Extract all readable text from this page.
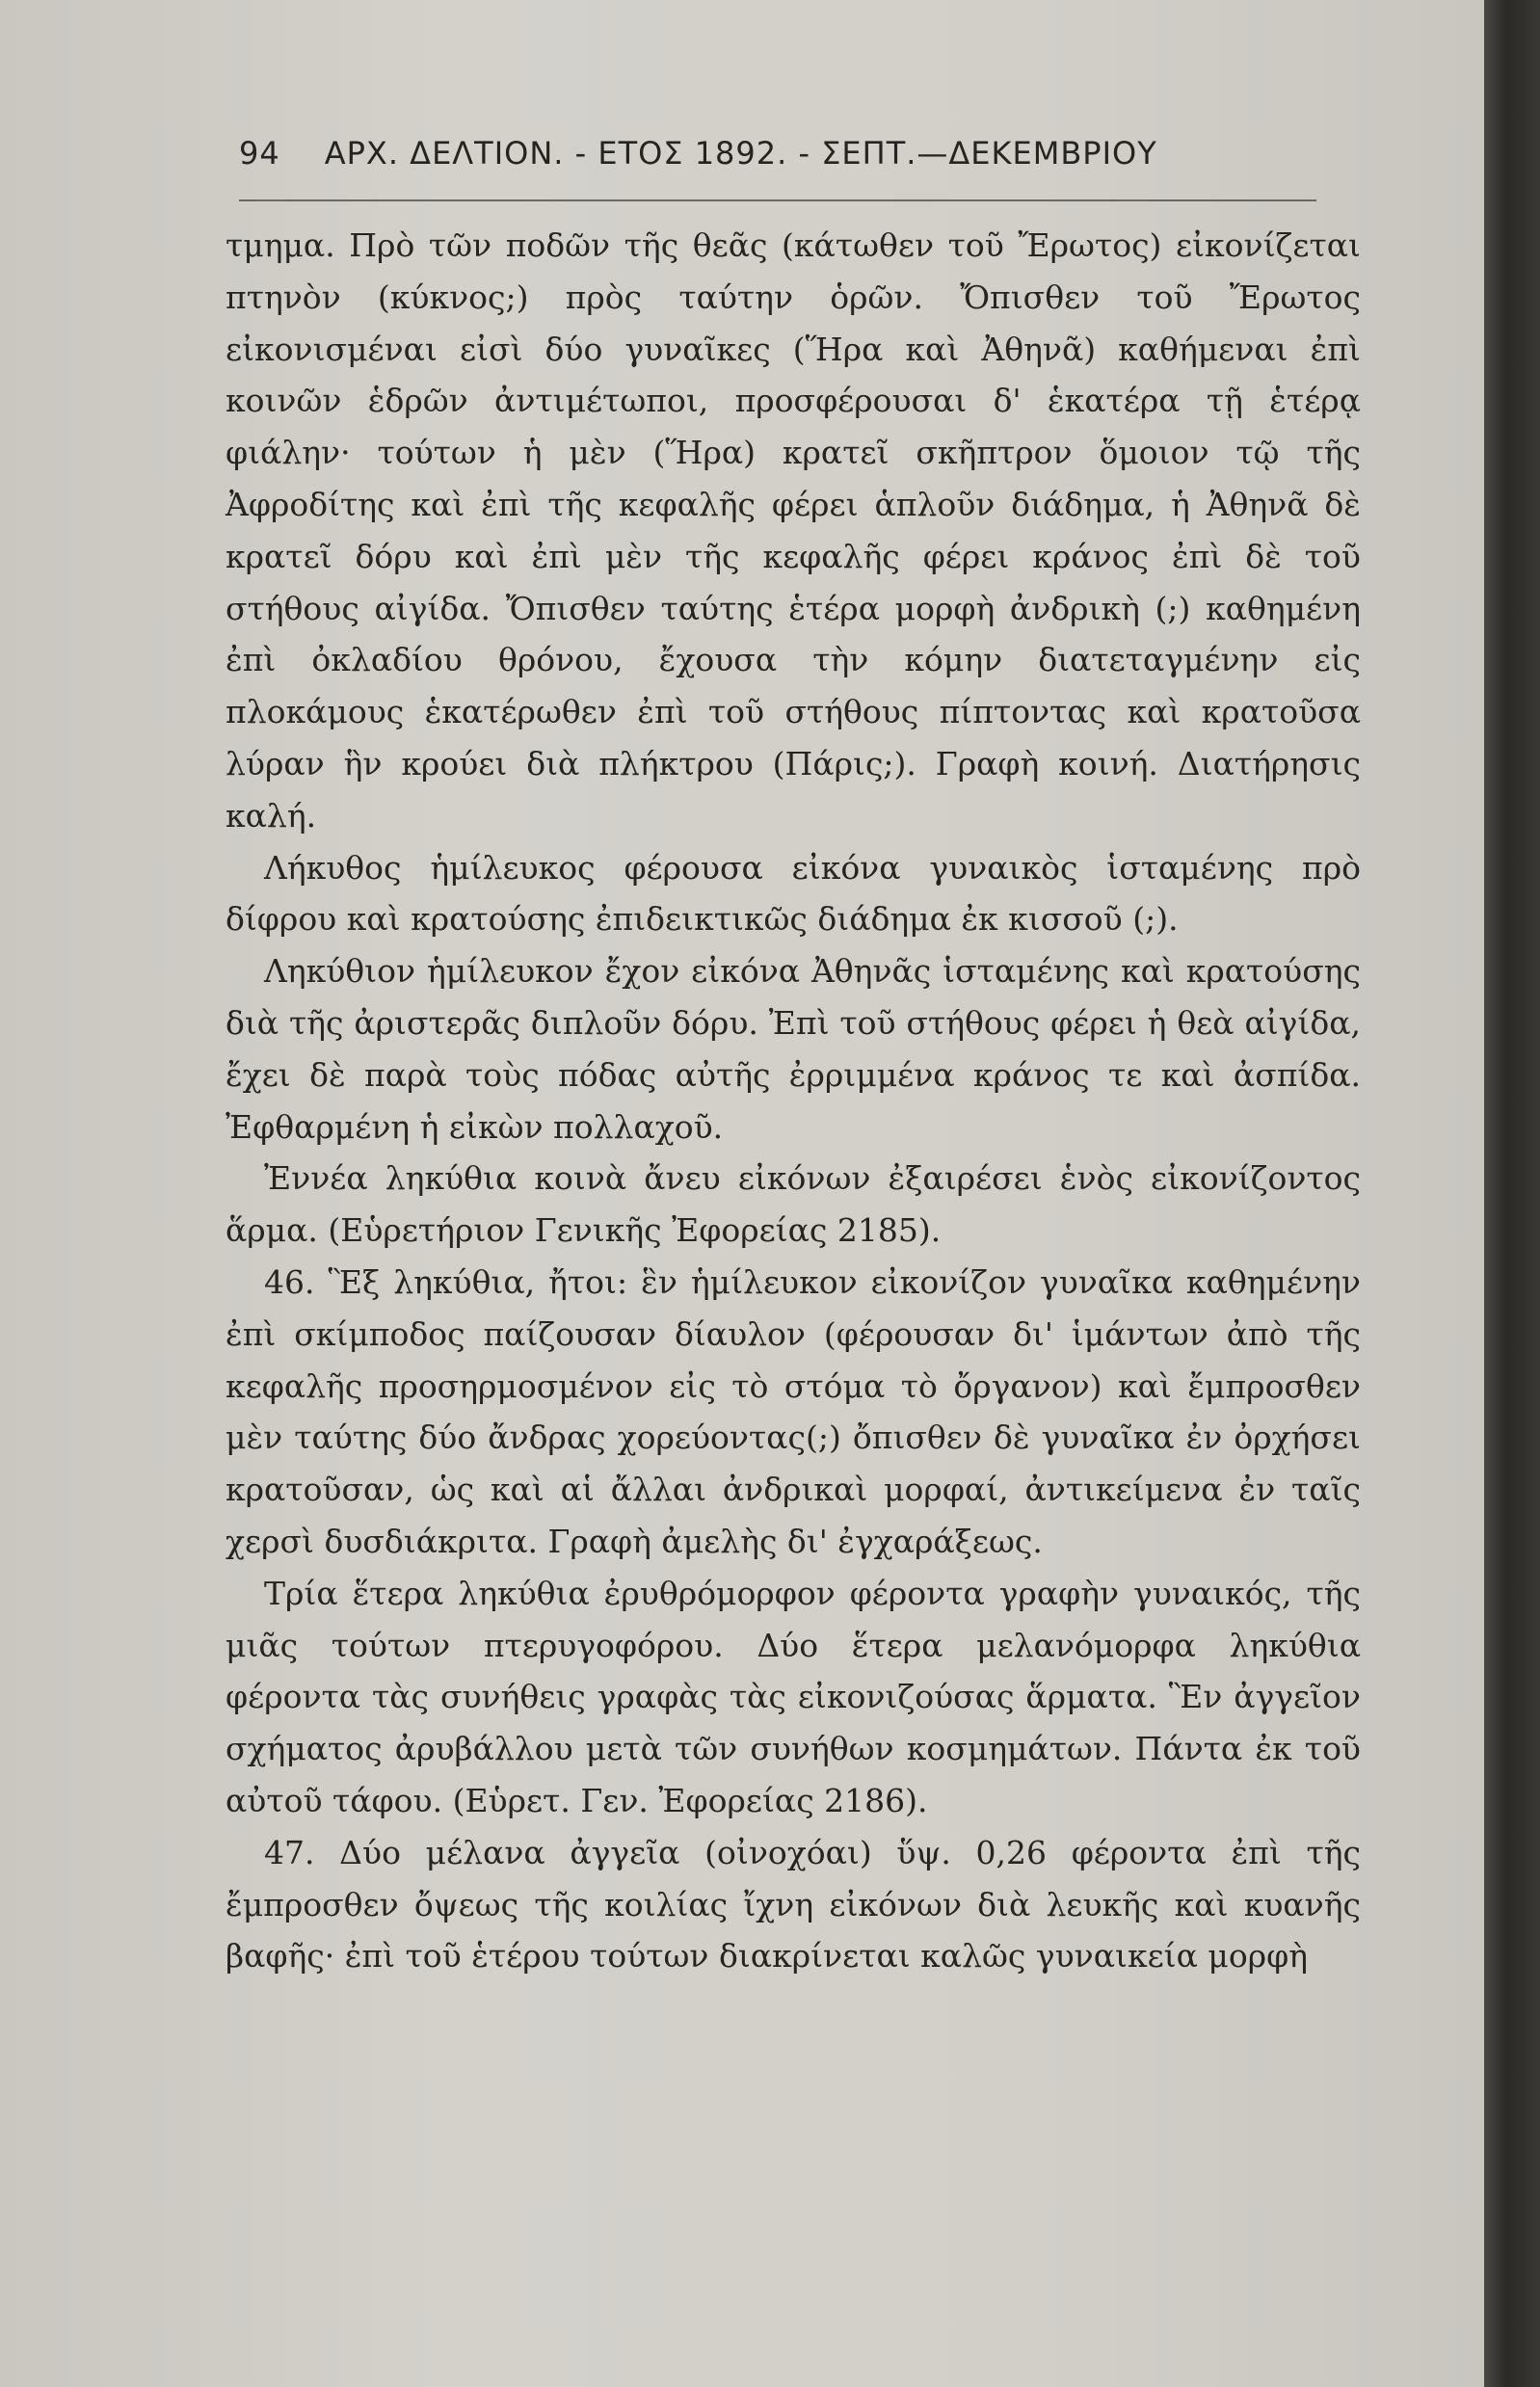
94 ΑΡΧ. ΔΕΛΤΙΟΝ. - ΕΤΟΣ 1892. - ΣΕΠΤ.—ΔΕΚΕΜΒΡΙΟΥ

τμημα. Πρὸ τῶν ποδῶν τῆς θεᾶς (κάτωθεν τοῦ Ἔρωτος) εἰκονίζεται πτηνὸν (κύκνος;) πρὸς ταύτην ὁρῶν. Ὄπισθεν τοῦ Ἔρωτος εἰκονισμέναι εἰσὶ δύο γυναῖκες (Ἥρα καὶ Ἀθηνᾶ) καθήμεναι ἐπὶ κοινῶν ἑδρῶν ἀντιμέτωποι, προσφέρουσαι δ' ἑκατέρα τῇ ἑτέρᾳ φιάλην· τούτων ἡ μὲν (Ἥρα) κρατεῖ σκῆπτρον ὅμοιον τῷ τῆς Ἀφροδίτης καὶ ἐπὶ τῆς κεφαλῆς φέρει ἁπλοῦν διάδημα, ἡ Ἀθηνᾶ δὲ κρατεῖ δόρυ καὶ ἐπὶ μὲν τῆς κεφαλῆς φέρει κράνος ἐπὶ δὲ τοῦ στήθους αἰγίδα. Ὄπισθεν ταύτης ἑτέρα μορφὴ ἀνδρικὴ (;) καθημένη ἐπὶ ὀκλαδίου θρόνου, ἔχουσα τὴν κόμην διατεταγμένην εἰς πλοκάμους ἑκατέρωθεν ἐπὶ τοῦ στήθους πίπτοντας καὶ κρατοῦσα λύραν ἣν κρούει διὰ πλήκτρου (Πάρις;). Γραφὴ κοινή. Διατήρησις καλή.

Λήκυθος ἡμίλευκος φέρουσα εἰκόνα γυναικὸς ἱσταμένης πρὸ δίφρου καὶ κρατούσης ἐπιδεικτικῶς διάδημα ἐκ κισσοῦ (;).

Ληκύθιον ἡμίλευκον ἔχον εἰκόνα Ἀθηνᾶς ἱσταμένης καὶ κρατούσης διὰ τῆς ἀριστερᾶς διπλοῦν δόρυ. Ἐπὶ τοῦ στήθους φέρει ἡ θεὰ αἰγίδα, ἔχει δὲ παρὰ τοὺς πόδας αὐτῆς ἐρριμμένα κράνος τε καὶ ἀσπίδα. Ἐφθαρμένη ἡ εἰκὼν πολλαχοῦ.

Ἐννέα ληκύθια κοινὰ ἄνευ εἰκόνων ἐξαιρέσει ἑνὸς εἰκονίζοντος ἅρμα. (Εὑρετήριον Γενικῆς Ἐφορείας 2185).

46. Ἓξ ληκύθια, ἤτοι: ἓν ἡμίλευκον εἰκονίζον γυναῖκα καθημένην ἐπὶ σκίμποδος παίζουσαν δίαυλον (φέρουσαν δι' ἱμάντων ἀπὸ τῆς κεφαλῆς προσηρμοσμένον εἰς τὸ στόμα τὸ ὄργανον) καὶ ἔμπροσθεν μὲν ταύτης δύο ἄνδρας χορεύοντας(;) ὄπισθεν δὲ γυναῖκα ἐν ὀρχήσει κρατοῦσαν, ὡς καὶ αἱ ἄλλαι ἀνδρικαὶ μορφαί, ἀντικείμενα ἐν ταῖς χερσὶ δυσδιάκριτα. Γραφὴ ἀμελὴς δι' ἐγχαράξεως.

Τρία ἕτερα ληκύθια ἐρυθρόμορφον φέροντα γραφὴν γυναικός, τῆς μιᾶς τούτων πτερυγοφόρου. Δύο ἕτερα μελανόμορφα ληκύθια φέροντα τὰς συνήθεις γραφὰς τὰς εἰκονιζούσας ἅρματα. Ἓν ἀγγεῖον σχήματος ἀρυβάλλου μετὰ τῶν συνήθων κοσμημάτων. Πάντα ἐκ τοῦ αὐτοῦ τάφου. (Εὑρετ. Γεν. Ἐφορείας 2186).

47. Δύο μέλανα ἀγγεῖα (οἰνοχόαι) ὕψ. 0,26 φέροντα ἐπὶ τῆς ἔμπροσθεν ὄψεως τῆς κοιλίας ἴχνη εἰκόνων διὰ λευκῆς καὶ κυανῆς βαφῆς· ἐπὶ τοῦ ἑτέρου τούτων διακρίνεται καλῶς γυναικεία μορφὴ
